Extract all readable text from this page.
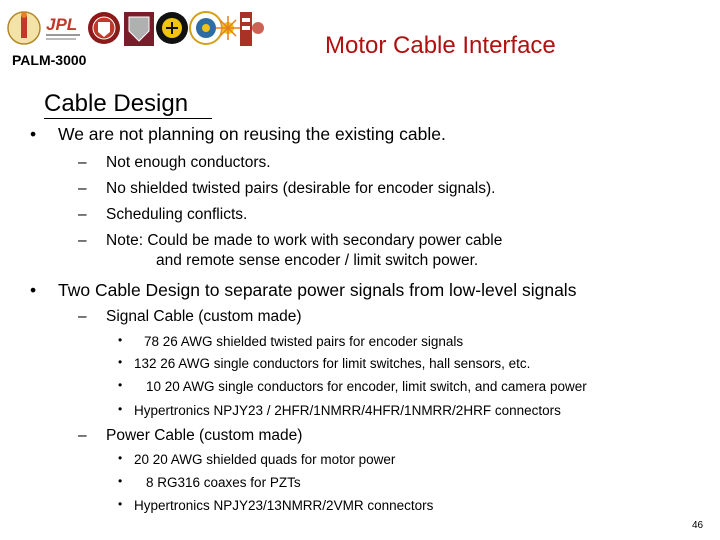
JPL
PALM-3000
Motor Cable Interface
Cable Design
• We are not planning on reusing the existing cable.
– Not enough conductors.
– No shielded twisted pairs (desirable for encoder signals).
– Scheduling conflicts.
– Note: Could be made to work with secondary power cable
and remote sense encoder / limit switch power.
• Two Cable Design to separate power signals from low-level signals
– Signal Cable (custom made)
• 78 26 AWG shielded twisted pairs for encoder signals
• 132 26 AWG single conductors for limit switches, hall sensors, etc.
• 10 20 AWG single conductors for encoder, limit switch, and camera power
• Hypertronics NPJY23 / 2HFR/1NMRR/4HFR/1NMRR/2HRF connectors
– Power Cable (custom made)
• 20 20 AWG shielded quads for motor power
• 8 RG316 coaxes for PZTs
• Hypertronics NPJY23/13NMRR/2VMR connectors
46
